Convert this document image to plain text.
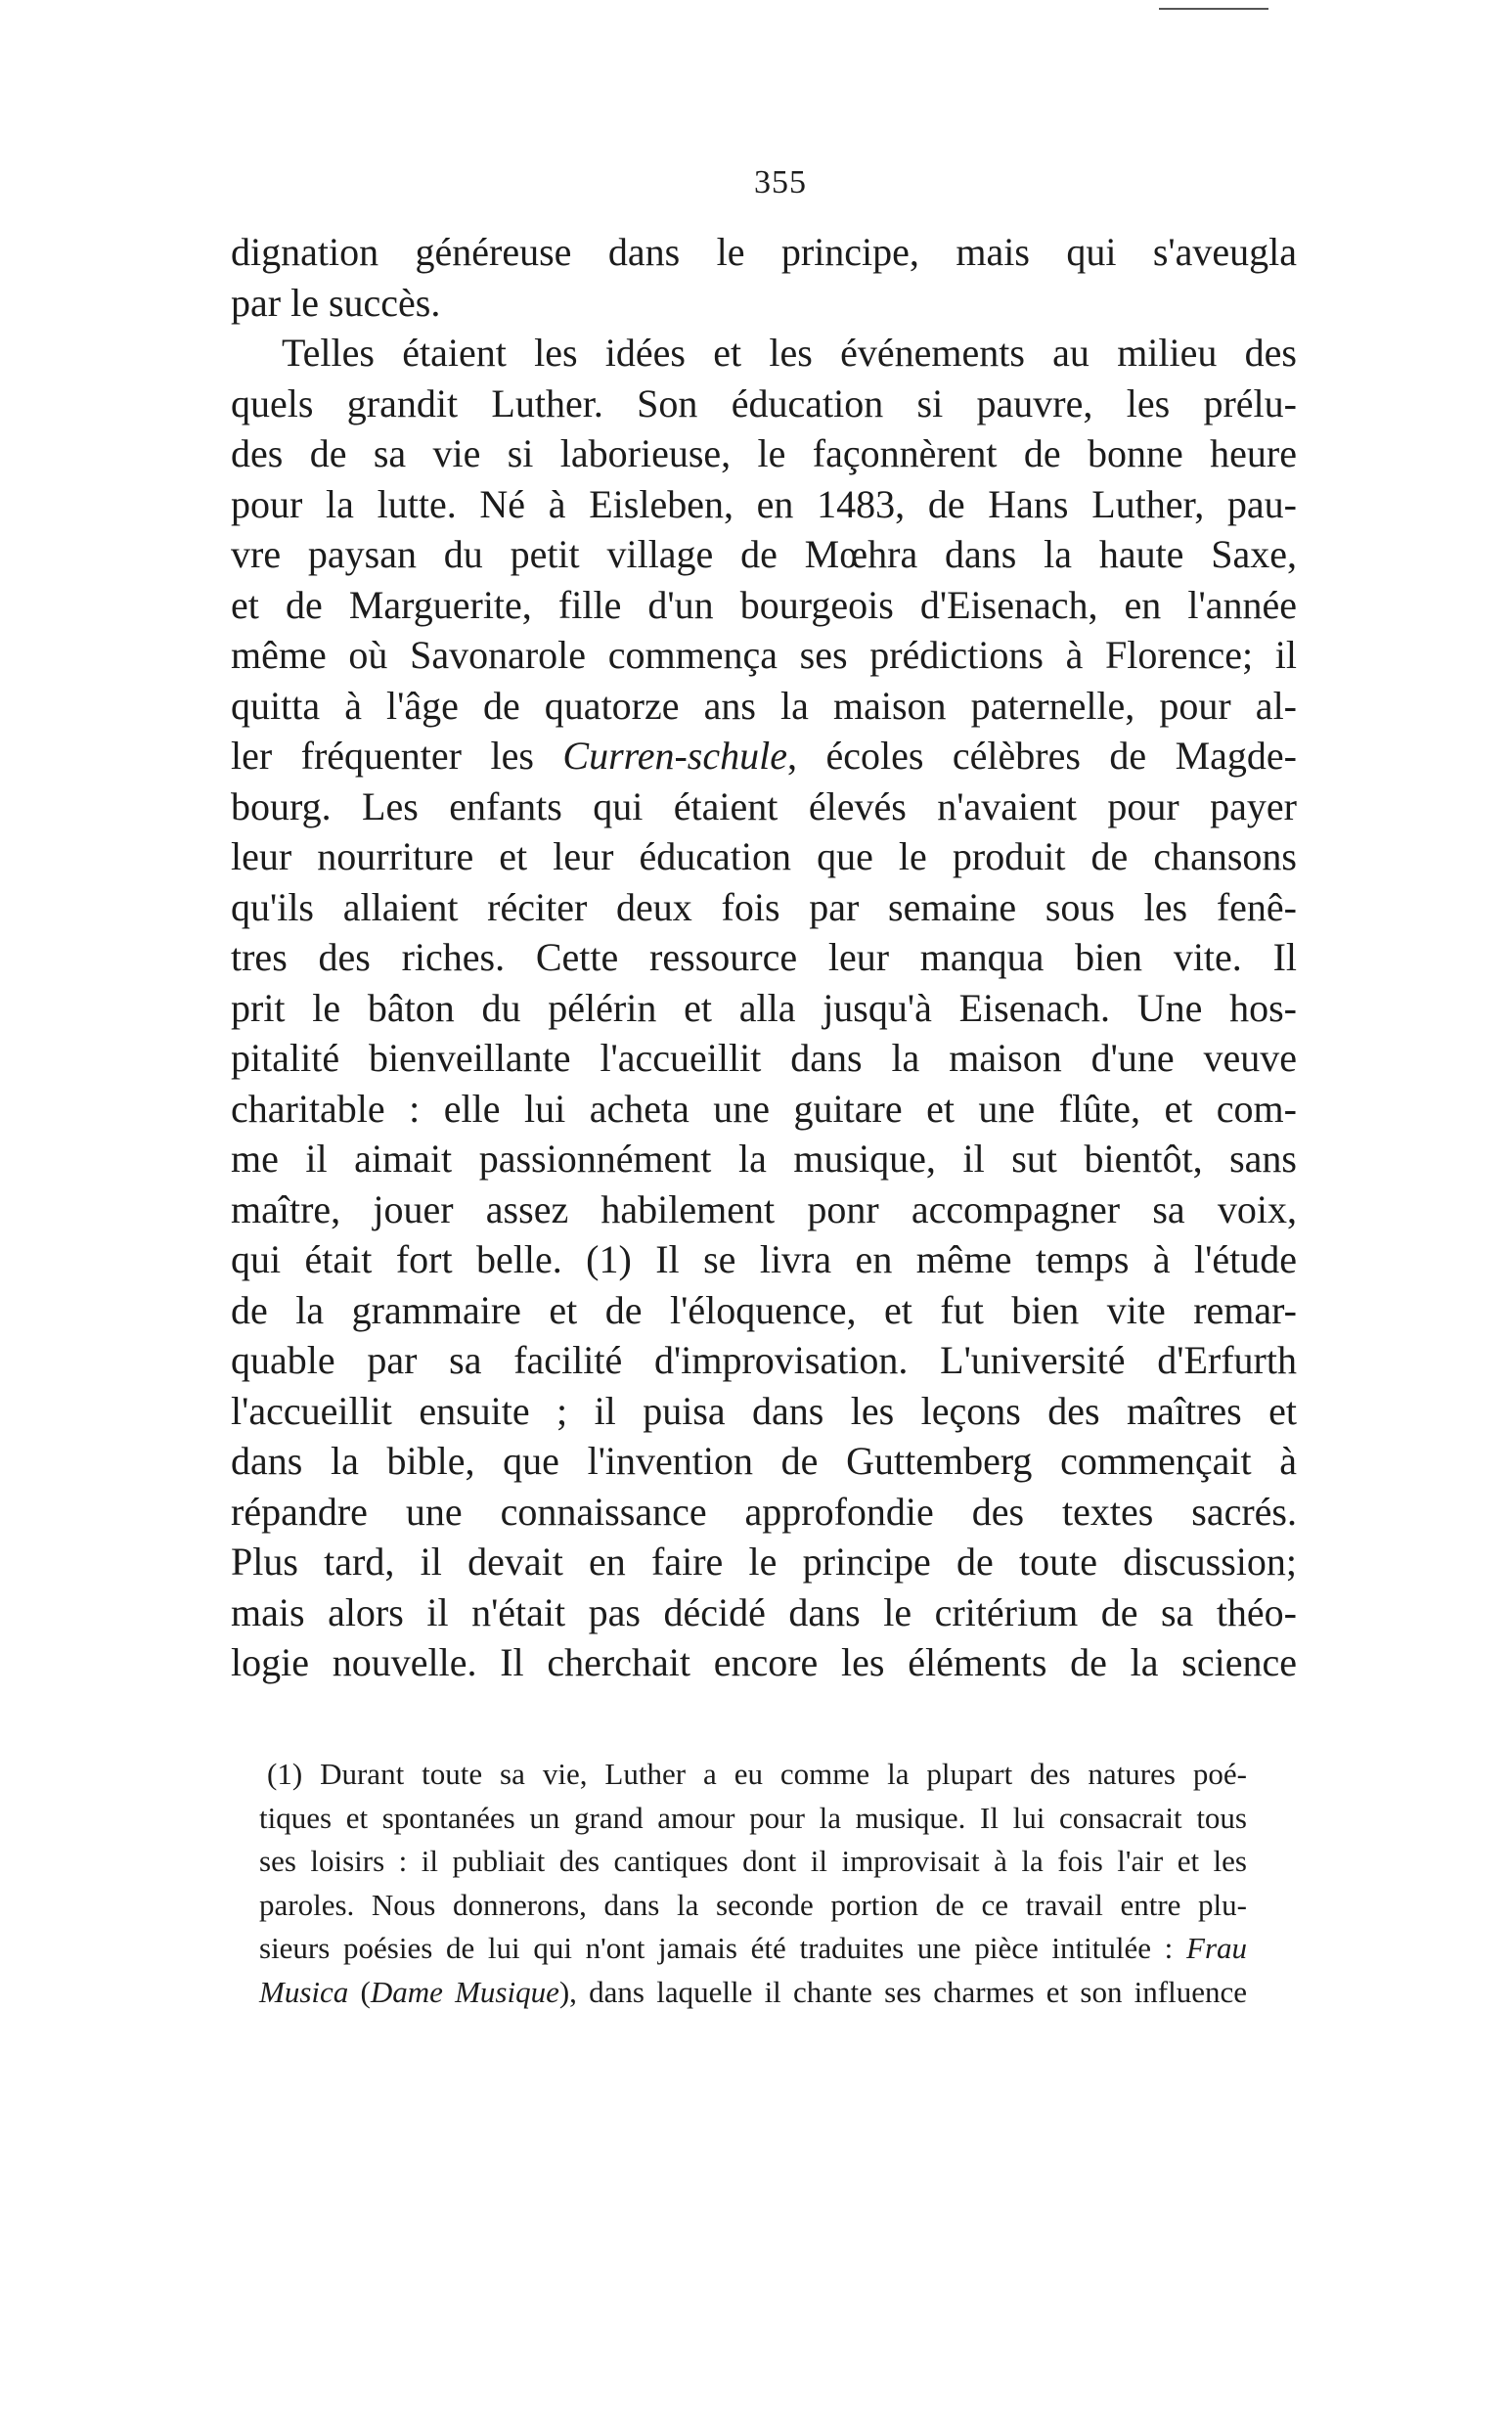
355
dignation généreuse dans le principe, mais qui s'aveugla
par le succès.
Telles étaient les idées et les événements au milieu des
quels grandit Luther. Son éducation si pauvre, les prélu-
des de sa vie si laborieuse, le façonnèrent de bonne heure
pour la lutte. Né à Eisleben, en 1483, de Hans Luther, pau-
vre paysan du petit village de Mœhra dans la haute Saxe,
et de Marguerite, fille d'un bourgeois d'Eisenach, en l'année
même où Savonarole commença ses prédictions à Florence; il
quitta à l'âge de quatorze ans la maison paternelle, pour al-
ler fréquenter les Curren-schule, écoles célèbres de Magde-
bourg. Les enfants qui étaient élevés n'avaient pour payer
leur nourriture et leur éducation que le produit de chansons
qu'ils allaient réciter deux fois par semaine sous les fenê-
tres des riches. Cette ressource leur manqua bien vite. Il
prit le bâton du pélérin et alla jusqu'à Eisenach. Une hos-
pitalité bienveillante l'accueillit dans la maison d'une veuve
charitable : elle lui acheta une guitare et une flûte, et com-
me il aimait passionnément la musique, il sut bientôt, sans
maître, jouer assez habilement ponr accompagner sa voix,
qui était fort belle. (1) Il se livra en même temps à l'étude
de la grammaire et de l'éloquence, et fut bien vite remar-
quable par sa facilité d'improvisation. L'université d'Erfurth
l'accueillit ensuite ; il puisa dans les leçons des maîtres et
dans la bible, que l'invention de Guttemberg commençait à
répandre une connaissance approfondie des textes sacrés.
Plus tard, il devait en faire le principe de toute discussion;
mais alors il n'était pas décidé dans le critérium de sa théo-
logie nouvelle. Il cherchait encore les éléments de la science
(1) Durant toute sa vie, Luther a eu comme la plupart des natures poé-
tiques et spontanées un grand amour pour la musique. Il lui consacrait tous
ses loisirs : il publiait des cantiques dont il improvisait à la fois l'air et les
paroles. Nous donnerons, dans la seconde portion de ce travail entre plu-
sieurs poésies de lui qui n'ont jamais été traduites une pièce intitulée : Frau
Musica (Dame Musique), dans laquelle il chante ses charmes et son influence
